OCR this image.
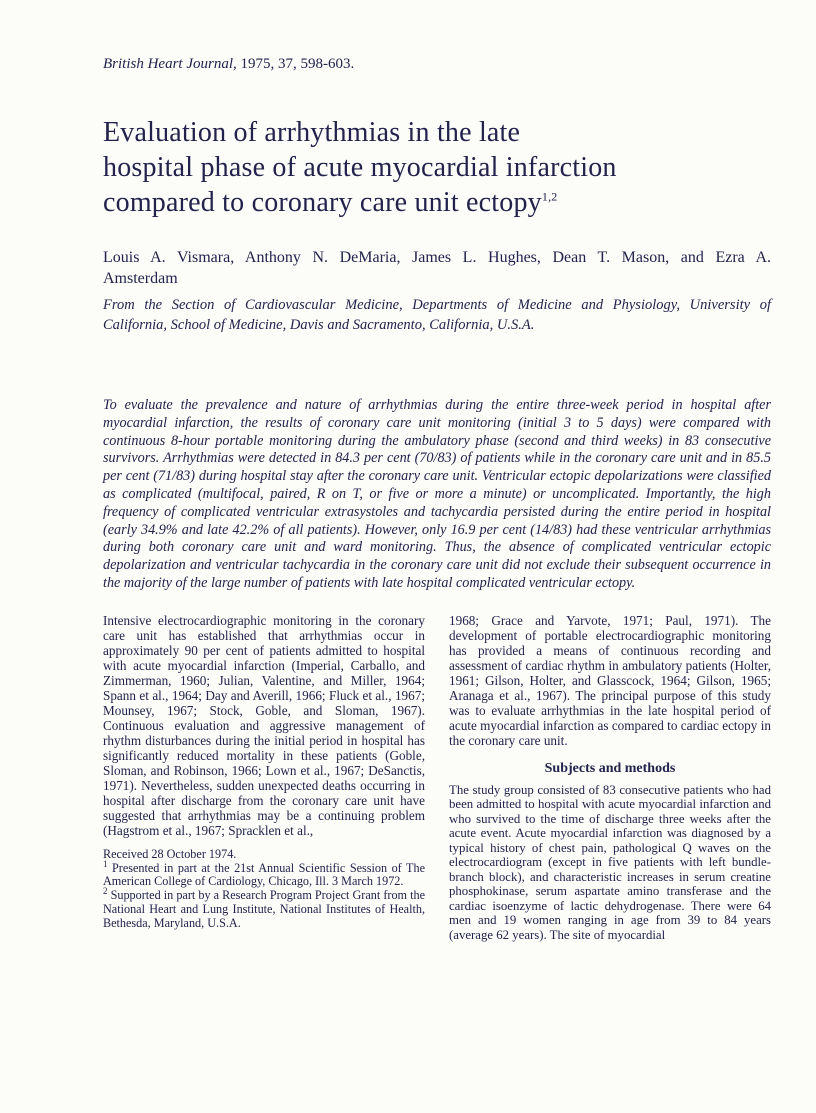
British Heart Journal, 1975, 37, 598-603.

Evaluation of arrhythmias in the late
hospital phase of acute myocardial infarction
compared to coronary care unit ectopy$^{1,2}$
Louis A. Vismara, Anthony N. DeMaria, James L. Hughes, Dean T. Mason, and Ezra A.
Amsterdam
From the Section of Cardiovascular Medicine, Departments of Medicine and Physiology, University of
California, School of Medicine, Davis and Sacramento, California, U.S.A.

To evaluate the prevalence and nature of arrhythmias during the entire three-week period in hospital after myocardial infarction, the results of coronary care unit monitoring (initial 3 to 5 days) were compared with continuous 8-hour portable monitoring during the ambulatory phase (second and third weeks) in 83 consecutive survivors. Arrhythmias were detected in 84.3 per cent (70/83) of patients while in the coronary care unit and in 85.5 per cent (71/83) during hospital stay after the coronary care unit. Ventricular ectopic depolarizations were classified as complicated (multifocal, paired, R on T, or five or more a minute) or uncomplicated. Importantly, the high frequency of complicated ventricular extrasystoles and tachycardia persisted during the entire period in hospital (early 34.9% and late 42.2% of all patients). However, only 16.9 per cent (14/83) had these ventricular arrhythmias during both coronary care unit and ward monitoring. Thus, the absence of complicated ventricular ectopic depolarization and ventricular tachycardia in the coronary care unit did not exclude their subsequent occurrence in the majority of the large number of patients with late hospital complicated ventricular ectopy.

Intensive electrocardiographic monitoring in the coronary care unit has established that arrhythmias occur in approximately 90 per cent of patients admitted to hospital with acute myocardial infarction (Imperial, Carballo, and Zimmerman, 1960; Julian, Valentine, and Miller, 1964; Spann et al., 1964; Day and Averill, 1966; Fluck et al., 1967; Mounsey, 1967; Stock, Goble, and Sloman, 1967). Continuous evaluation and aggressive management of rhythm disturbances during the initial period in hospital has significantly reduced mortality in these patients (Goble, Sloman, and Robinson, 1966; Lown et al., 1967; DeSanctis, 1971). Nevertheless, sudden unexpected deaths occurring in hospital after discharge from the coronary care unit have suggested that arrhythmias may be a continuing problem (Hagstrom et al., 1967; Spracklen et al.,

Received 28 October 1974.

$^1$ Presented in part at the 21st Annual Scientific Session of The American College of Cardiology, Chicago, Ill. 3 March 1972.

$^2$ Supported in part by a Research Program Project Grant from the National Heart and Lung Institute, National Institutes of Health, Bethesda, Maryland, U.S.A.

1968; Grace and Yarvote, 1971; Paul, 1971). The development of portable electrocardiographic monitoring has provided a means of continuous recording and assessment of cardiac rhythm in ambulatory patients (Holter, 1961; Gilson, Holter, and Glasscock, 1964; Gilson, 1965; Aranaga et al., 1967). The principal purpose of this study was to evaluate arrhythmias in the late hospital period of acute myocardial infarction as compared to cardiac ectopy in the coronary care unit.

Subjects and methods

The study group consisted of 83 consecutive patients who had been admitted to hospital with acute myocardial infarction and who survived to the time of discharge three weeks after the acute event. Acute myocardial infarction was diagnosed by a typical history of chest pain, pathological Q waves on the electrocardiogram (except in five patients with left bundle-branch block), and characteristic increases in serum creatine phosphokinase, serum aspartate amino transferase and the cardiac isoenzyme of lactic dehydrogenase. There were 64 men and 19 women ranging in age from 39 to 84 years (average 62 years). The site of myocardial
